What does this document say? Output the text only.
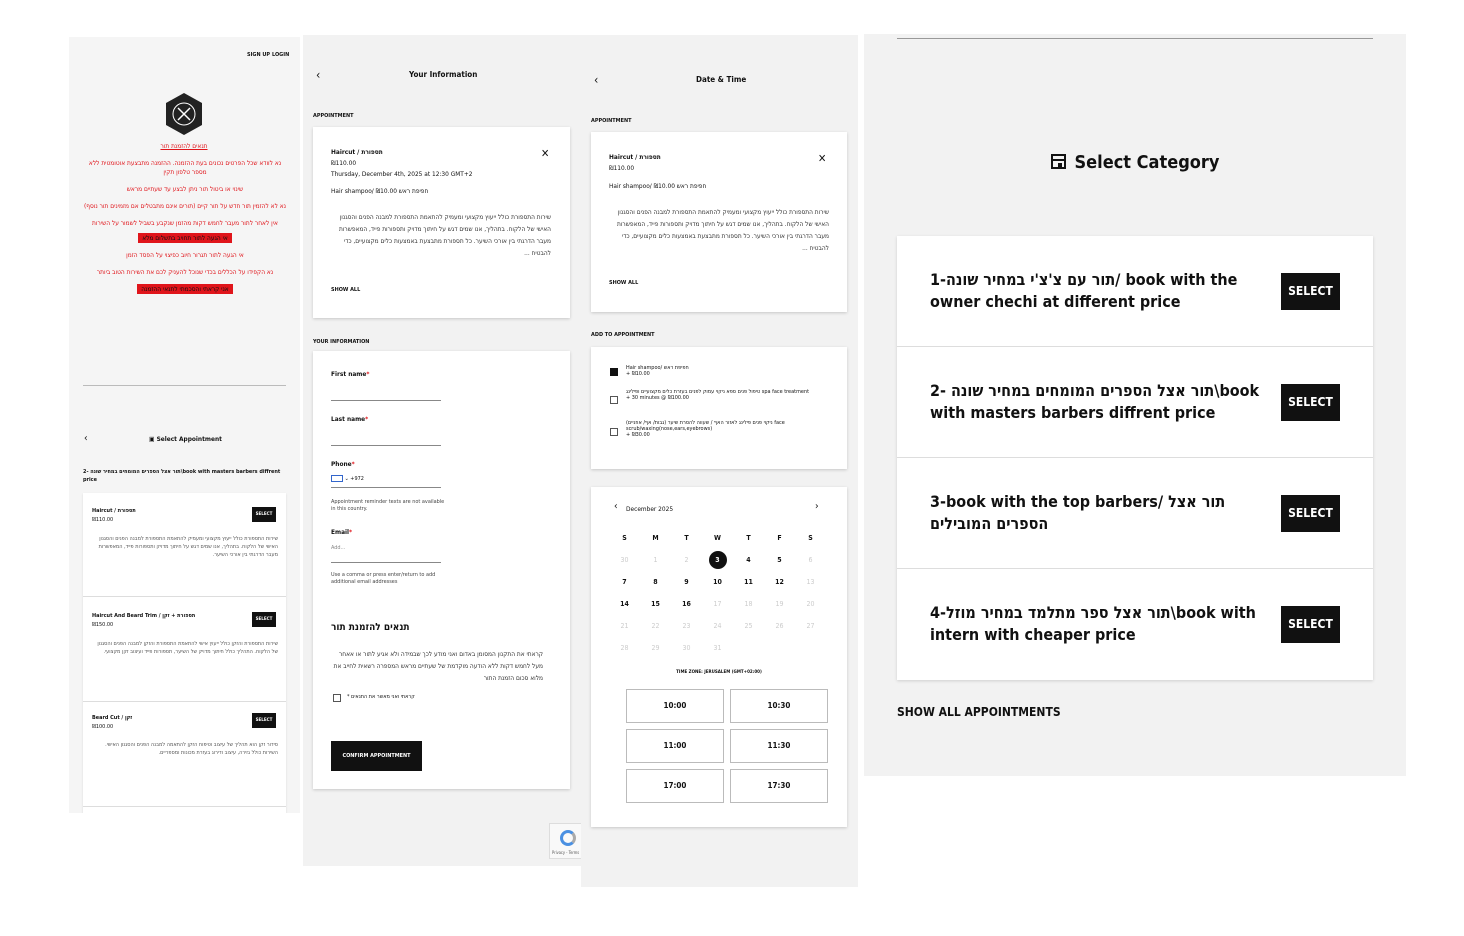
SIGN UP LOGIN
תנאים להזמנת תור
נא לוודא שכל הפרטים נכונים בעת ההזמנה. ההזמנה מתבצעת אוטומטית ללא מספר טלפון תקין
שינוי או ביטול תור ניתן לבצע עד שעתיים מראש
נא לא להזמין תור חדש על תור קיים (תורים אינם מתבטלים אם מזמינים תור נוסף)
אין לאחר לתור מעבר לחמש דקות מהזמן שנקבע בשביל לשמור על השירות
אי הגעה לתור תחויב בתשלום מלא
אי הגעה לתור תגרור חיוב כפיצוי על הפסד הזמן
נא הקפידו על הכללים בכדי שנוכל להעניק לכם את השירות הטוב ביותר
אני קראתי והסכמתי לתנאי ההזמנה
‹	▣ Select Appointment
2- תור אצל הספרים המומחים במחיר שונה\book with masters barbers diffrent price
Haircut / תספורת
₪110.00
SELECT
שירות התספורת כולל ייעוץ מקצועי ומעמיק להתאמת התספורת למבנה הפנים והסגנון האישי של הלקוח. בתהליך, אנו שמים דגש על חיתוך מדויק ותספורות פייד, המאפשרות מעבר הדרגתי בין אורכי השיער.
Haircut And Beard Trim / תספורת + זקן
₪150.00
SELECT
שירות התספורת והזקן כולל ייעוץ אישי להתאמת התספורת והזקן למבנה הפנים והסגנון של הלקוח. התהליך כולל חיתוך מדויק של השיער, תספורות פייד ועיצוב זקן מקצועי.
Beard Cut / זקן
₪100.00
SELECT
סידור זקן הוא תהליך של עיצוב וטיפוח הזקן להתאמה למבנה הפנים והסגנון האישי. השירות כולל גזירה, עיצוב ודירוג בעזרת מכונות ומספריים.
‹	Your Information
APPOINTMENT
Haircut / תספורת
₪110.00
Thursday, December 4th, 2025 at 12:30 GMT+2
✕
Hair shampoo/ ₪10.00 חפיפת ראש
שירות התספורת כולל ייעוץ מקצועי ומעמיק להתאמת התספורת למבנה הפנים והסגנון האישי של הלקוח. בתהליך, אנו שמים דגש על חיתוך מדויק ותספורות פייד, המאפשרות מעבר הדרגתי בין אורכי השיער. כל תספורת מתבצעת באמצעות כלים מקצועיים, כדי להבטיח ...
SHOW ALL
YOUR INFORMATION
First name*
Last name*
Phone*
⌄ +972
Appointment reminder texts are not available in this country.
Email*
Add...
Use a comma or press enter/return to add additional email addresses
תנאים להזמנת תור
קראתי את התקנון המסומן באדום ואני מודע לכך שבמידה ולא אגיע לתור או אאחר מעל לחמש דקות ללא הודעה מוקדמת של שעתיים מראש המספרה רשאית לחייב את מלוא סכום הזמנת התור
קראתי ואני מאשר את התנאים *
CONFIRM APPOINTMENT
Privacy - Terms
‹	Date & Time
APPOINTMENT
Haircut / תספורת
₪110.00
✕
Hair shampoo/ ₪10.00 חפיפת ראש
שירות התספורת כולל ייעוץ מקצועי ומעמיק להתאמת התספורת למבנה הפנים והסגנון האישי של הלקוח. בתהליך, אנו שמים דגש על חיתוך מדויק ותספורות פייד, המאפשרות מעבר הדרגתי בין אורכי השיער. כל תספורת מתבצעת באמצעות כלים מקצועיים, כדי להבטיח ...
SHOW ALL
ADD TO APPOINTMENT
Hair shampoo/ חפיפת ראש
+ ₪10.00
טיפול פנים ספא ניקוי עמוק לפנים בעזרת כלים מקצועיים ופילינג spa face treatment
+ 30 minutes @ ₪100.00
ניקוי פנים פילינג לאזור האף / שעווה להסרת שיער (גבות/ אף/ אוזניים) face scrub/waxing(nose,ears,eyebrows)
+ ₪30.00
‹ December 2025	›
S	M	T	W	T	F	S
30	1	2	3	4	5	6
7	8	9	10	11	12	13
14	15	16	17	18	19	20
21	22	23	24	25	26	27
28	29	30	31			
TIME ZONE: JERUSALEM (GMT+02:00)
10:00	10:30
11:00	11:30
17:00	17:30
Select Category
1-תור עם צ'צ'י במחיר שונה/ book with the owner chechi at different price
SELECT
2- תור אצל הספרים המומחים במחיר שונה\book with masters barbers diffrent price
SELECT
3-book with the top barbers/ תור אצל הספרים המובילים
SELECT
4-תור אצל ספר מתלמד במחיר מוזל\book with intern with cheaper price
SELECT
SHOW ALL APPOINTMENTS
